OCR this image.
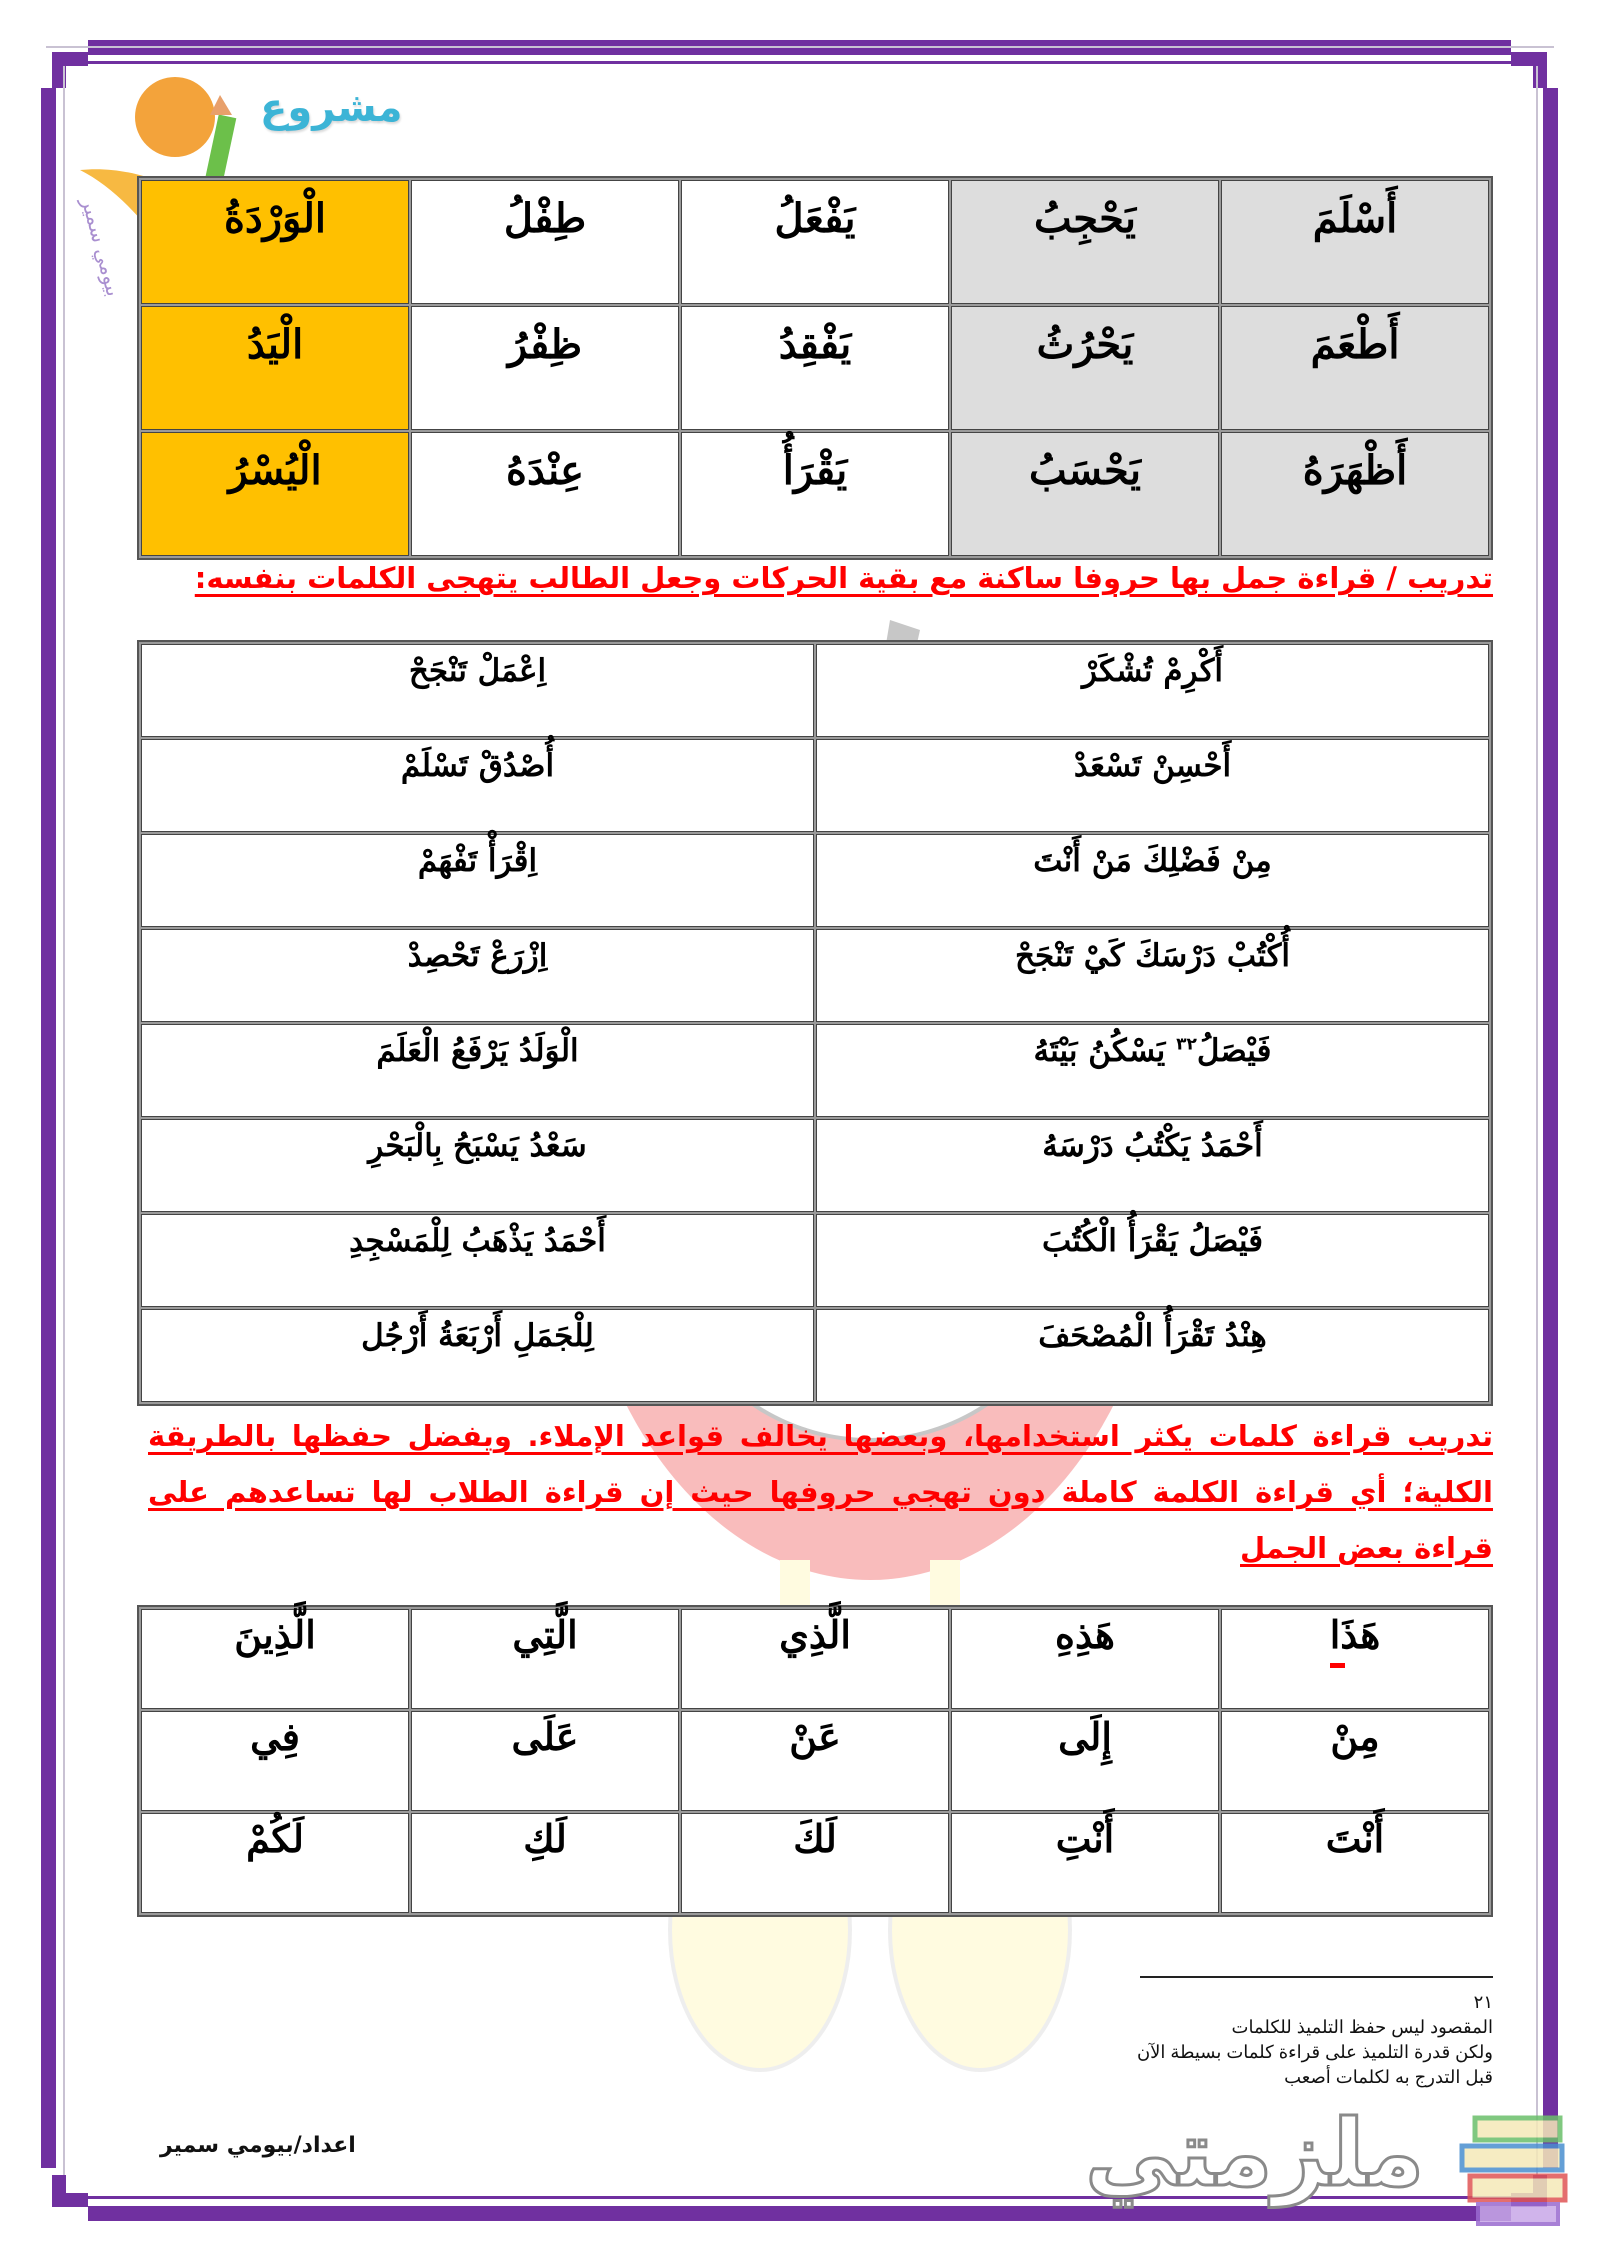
مشروع
بيومي سمير	أَسْلَمَ	يَحْجِبُ	يَفْعَلُ	طِفْلُ	الْوَرْدَةُ
أَطْعَمَ	يَحْرُثُ	يَفْقِدُ	ظِفْرُ	الْيَدُ
أَظْهَرَهُ	يَحْسَبُ	يَقْرَأُ	عِنْدَهُ	الْيُسْرُ
تدريب / قراءة جمل بها حروفا ساكنة مع بقية الحركات وجعل الطالب يتهجى الكلمات بنفسه:
أَكْرِمْ تُشْكَرْ	اِعْمَلْ تَنْجَحْ
أَحْسِنْ تَسْعَدْ	أُصْدُقْ تَسْلَمْ
مِنْ فَضْلِكَ مَنْ أَنْتَ	اِقْرَأْ تَفْهَمْ
أُكْتُبْ دَرْسَكَ كَيْ تَنْجَحْ	اِزْرَعْ تَحْصِدْ
فَيْصَلُ$^{٣٢}$ يَسْكُنُ بَيْتَهُ	الْوَلَدُ يَرْفَعُ الْعَلَمَ
أَحْمَدُ يَكْتُبُ دَرْسَهُ	سَعْدُ يَسْبَحُ بِالْبَحْرِ
فَيْصَلُ يَقْرَأُ الْكُتُبَ	أَحْمَدُ يَذْهَبُ لِلْمَسْجِدِ
هِنْدُ تَقْرَأُ الْمُصْحَفَ	لِلْجَمَلِ أَرْبَعَةُ أَرْجُل
تدريب قراءة كلمات يكثر استخدامها، وبعضها يخالف قواعد الإملاء. ويفضل حفظها بالطريقة الكلية؛ أي قراءة الكلمة كاملة دون تهجي حروفها حيث إن قراءة الطلاب لها تساعدهم على قراءة بعض الجمل
هَذَا	هَذِهِ	الَّذِي	الَّتِي	الَّذِينَ
مِنْ	إِلَى	عَنْ	عَلَى	فِي
أَنْتَ	أَنْتِ	لَكَ	لَكِ	لَكُمْ
٢١
المقصود ليس حفظ التلميذ للكلمات
ولكن قدرة التلميذ على قراءة كلمات بسيطة الآن
قبل التدرج به لكلمات أصعب
اعداد/بيومي سمير	ملزمتي
